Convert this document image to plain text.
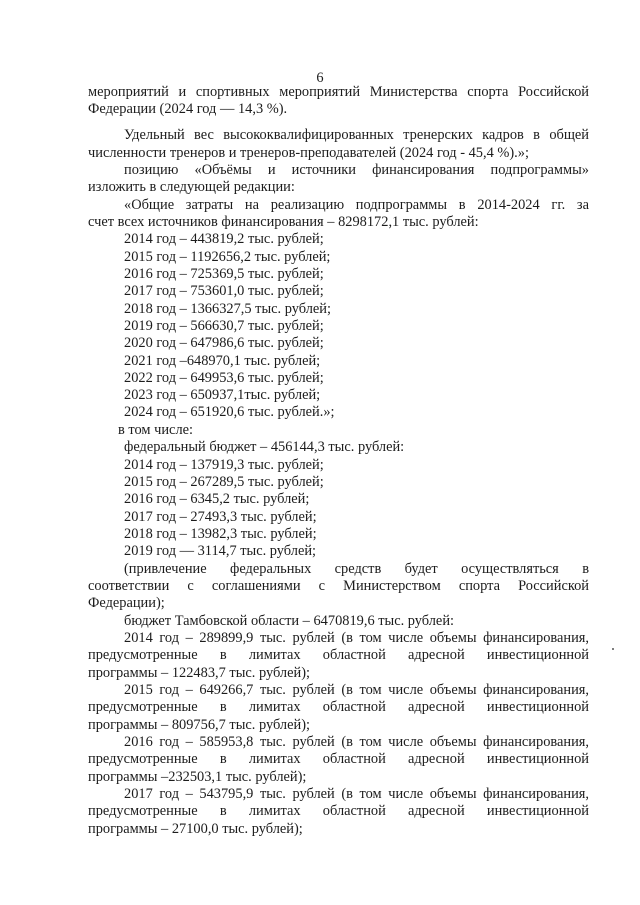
6
мероприятий и спортивных мероприятий Министерства спорта Российской
Федерации (2024 год — 14,3 %).
Удельный вес высококвалифицированных тренерских кадров в общей
численности тренеров и тренеров-преподавателей (2024 год - 45,4 %).»;
позицию «Объёмы и источники финансирования подпрограммы»
изложить в следующей редакции:
«Общие затраты на реализацию подпрограммы в 2014-2024 гг. за
счет всех источников финансирования – 8298172,1 тыс. рублей:
2014 год – 443819,2 тыс. рублей;
2015 год – 1192656,2 тыс. рублей;
2016 год – 725369,5 тыс. рублей;
2017 год – 753601,0 тыс. рублей;
2018 год – 1366327,5 тыс. рублей;
2019 год – 566630,7 тыс. рублей;
2020 год – 647986,6 тыс. рублей;
2021 год –648970,1 тыс. рублей;
2022 год – 649953,6 тыс. рублей;
2023 год – 650937,1тыс. рублей;
2024 год – 651920,6 тыс. рублей.»;
в том числе:
федеральный бюджет – 456144,3 тыс. рублей:
2014 год – 137919,3 тыс. рублей;
2015 год – 267289,5 тыс. рублей;
2016 год – 6345,2 тыс. рублей;
2017 год – 27493,3 тыс. рублей;
2018 год – 13982,3 тыс. рублей;
2019 год — 3114,7 тыс. рублей;
(привлечение федеральных средств будет осуществляться в
соответствии с соглашениями с Министерством спорта Российской
Федерации);
бюджет Тамбовской области – 6470819,6 тыс. рублей:
2014 год – 289899,9 тыс. рублей (в том числе объемы финансирования,
предусмотренные в лимитах областной адресной инвестиционной
программы – 122483,7 тыс. рублей);
2015 год – 649266,7 тыс. рублей (в том числе объемы финансирования,
предусмотренные в лимитах областной адресной инвестиционной
программы – 809756,7 тыс. рублей);
2016 год – 585953,8 тыс. рублей (в том числе объемы финансирования,
предусмотренные в лимитах областной адресной инвестиционной
программы –232503,1 тыс. рублей);
2017 год – 543795,9 тыс. рублей (в том числе объемы финансирования,
предусмотренные в лимитах областной адресной инвестиционной
программы – 27100,0 тыс. рублей);
